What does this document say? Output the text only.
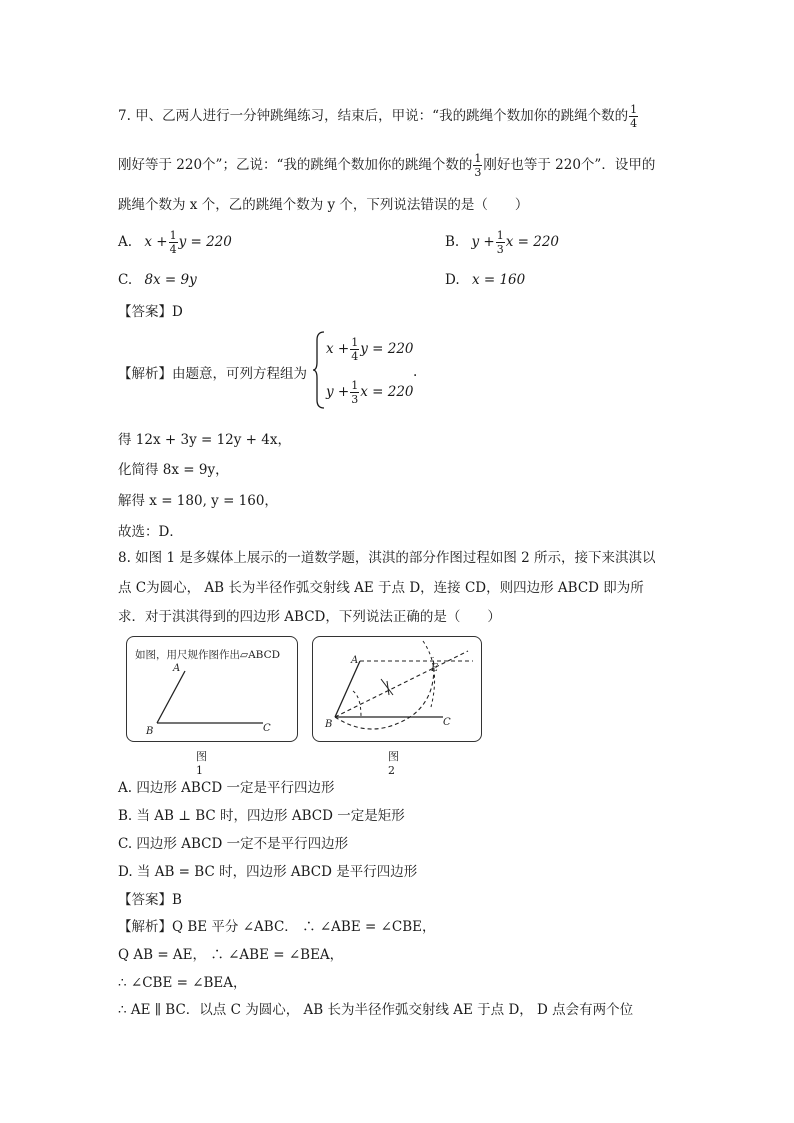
7. 甲、乙两人进行一分钟跳绳练习，结束后，甲说：“我的跳绳个数加你的跳绳个数的 $\frac{1}{4}$
刚好等于 220个”；乙说：“我的跳绳个数加你的跳绳个数的 $\frac{1}{3}$ 刚好也等于 220个”．设甲的
跳绳个数为 x 个，乙的跳绳个数为 y 个，下列说法错误的是（　　）
A. $x + \frac{1}{4}$ y = 220	B. $y + \frac{1}{3}$ x = 220
C. 8x = 9y	D. x = 160
【答案】D
【解析】由题意，可列方程组为
$x + \frac{1}{4}$ y = 220
$y + \frac{1}{3}$ x = 220
.
得 12x + 3y = 12y + 4x，
化简得 8x = 9y，
解得 x = 180, y = 160，
故选：D．
8. 如图 1 是多媒体上展示的一道数学题，淇淇的部分作图过程如图 2 所示，接下来淇淇以
点 C为圆心， AB 长为半径作弧交射线 AE 于点 D，连接 CD，则四边形 ABCD 即为所
求．对于淇淇得到的四边形 ABCD，下列说法正确的是（　　）
如图，用尺规作图作出▱ABCD
A
B	C
图1
A
B	C
E
图2
A. 四边形 ABCD 一定是平行四边形
B. 当 AB ⊥ BC 时，四边形 ABCD 一定是矩形
C. 四边形 ABCD 一定不是平行四边形
D. 当 AB = BC 时，四边形 ABCD 是平行四边形
【答案】B
【解析】Q BE 平分 ∠ABC． ∴ ∠ABE = ∠CBE，
Q AB = AE， ∴ ∠ABE = ∠BEA，
∴ ∠CBE = ∠BEA，
∴ AE ∥ BC．以点 C 为圆心， AB 长为半径作弧交射线 AE 于点 D， D 点会有两个位
